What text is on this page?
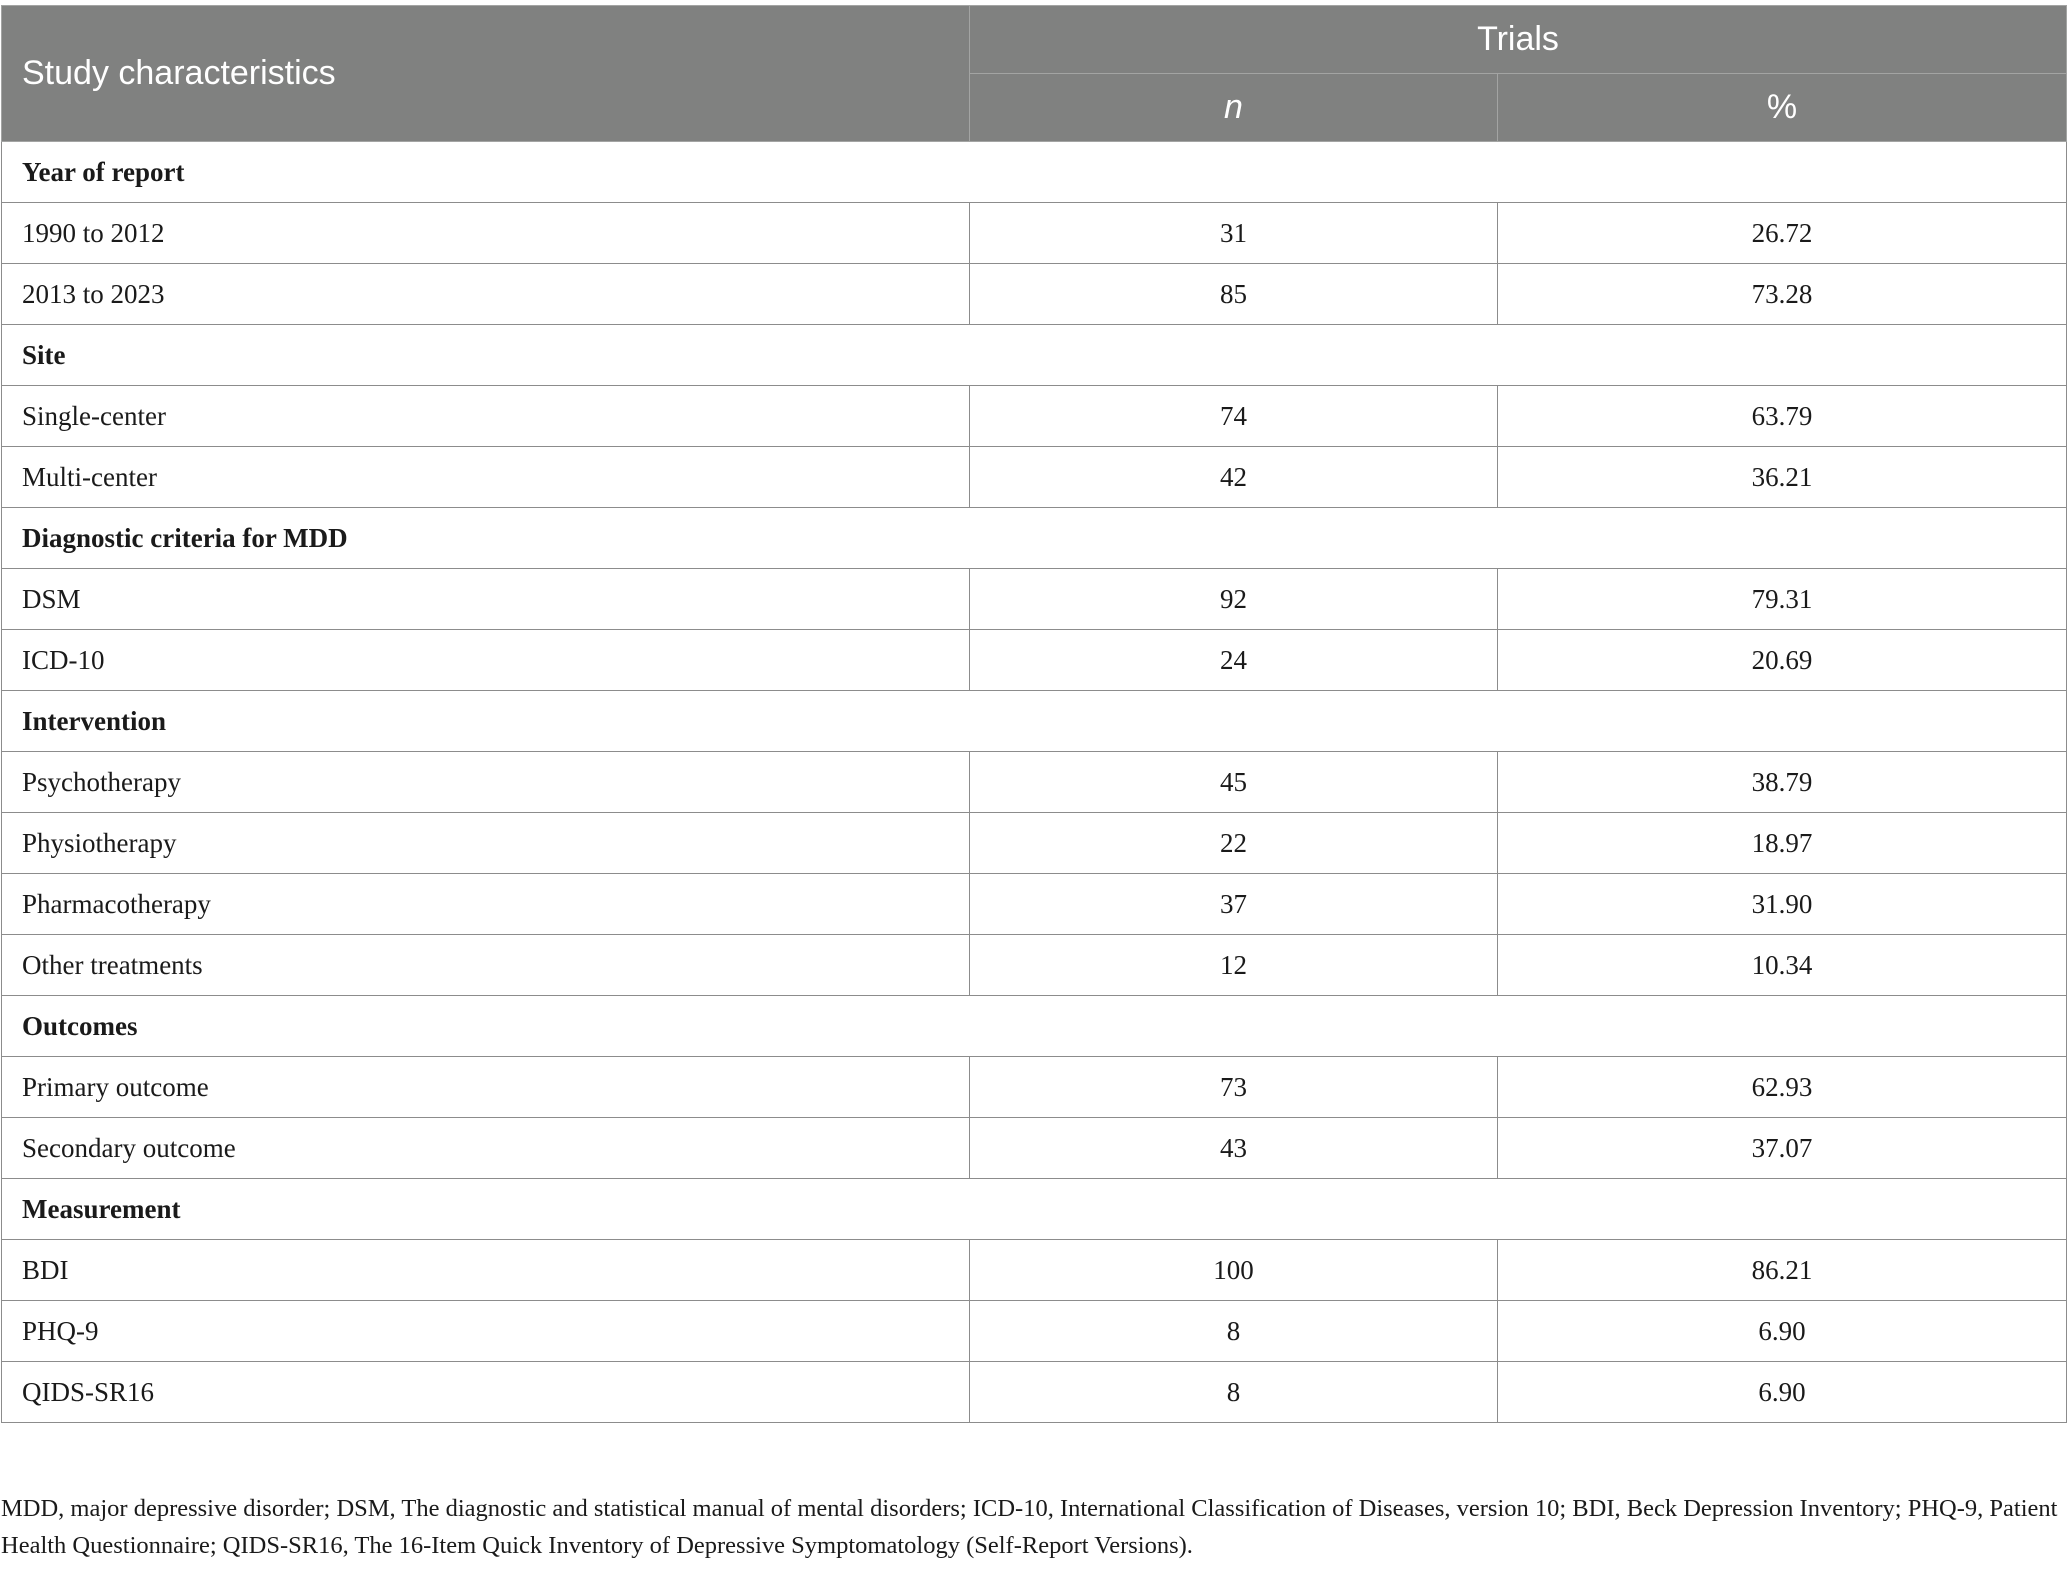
Study characteristics	Trials	
	n	%
Year of report		
1990 to 2012	31	26.72
2013 to 2023	85	73.28
Site		
Single-center	74	63.79
Multi-center	42	36.21
Diagnostic criteria for MDD		
DSM	92	79.31
ICD-10	24	20.69
Intervention		
Psychotherapy	45	38.79
Physiotherapy	22	18.97
Pharmacotherapy	37	31.90
Other treatments	12	10.34
Outcomes		
Primary outcome	73	62.93
Secondary outcome	43	37.07
Measurement		
BDI	100	86.21
PHQ-9	8	6.90
QIDS-SR16	8	6.90
MDD, major depressive disorder; DSM, The diagnostic and statistical manual of mental disorders; ICD-10, International Classification of Diseases, version 10; BDI, Beck Depression Inventory; PHQ-9, Patient Health Questionnaire; QIDS-SR16, The 16-Item Quick Inventory of Depressive Symptomatology (Self-Report Versions).
